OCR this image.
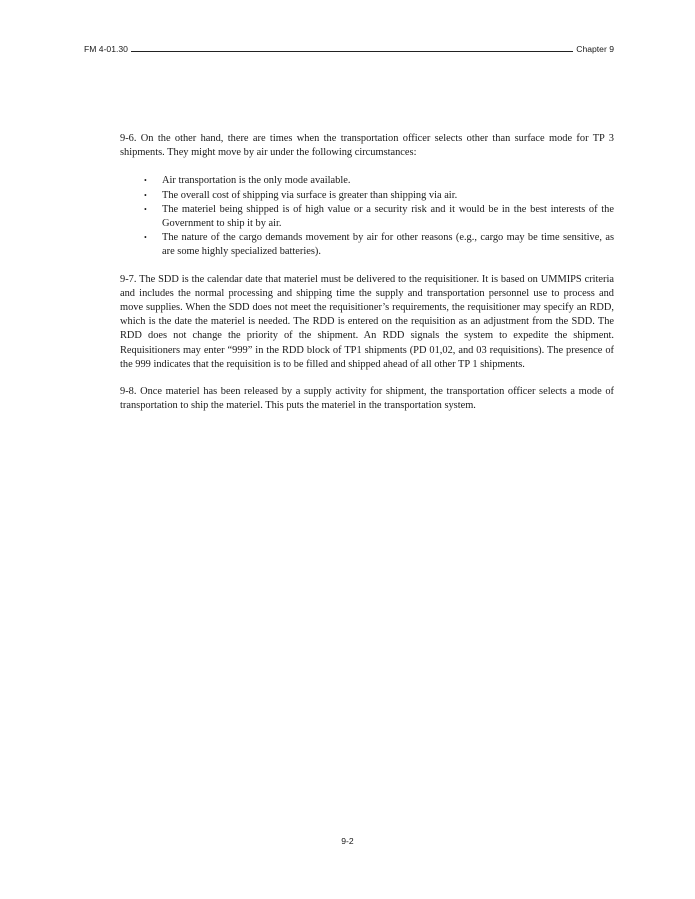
FM 4-01.30	Chapter 9

9-6. On the other hand, there are times when the transportation officer selects other than surface mode for TP 3 shipments. They might move by air under the following circumstances:

• Air transportation is the only mode available.
• The overall cost of shipping via surface is greater than shipping via air.
• The materiel being shipped is of high value or a security risk and it would be in the best interests of the Government to ship it by air.
• The nature of the cargo demands movement by air for other reasons (e.g., cargo may be time sensitive, as are some highly specialized batteries).

9-7. The SDD is the calendar date that materiel must be delivered to the requisitioner. It is based on UMMIPS criteria and includes the normal processing and shipping time the supply and transportation personnel use to process and move supplies. When the SDD does not meet the requisitioner’s requirements, the requisitioner may specify an RDD, which is the date the materiel is needed. The RDD is entered on the requisition as an adjustment from the SDD. The RDD does not change the priority of the shipment. An RDD signals the system to expedite the shipment. Requisitioners may enter “999” in the RDD block of TP1 shipments (PD 01,02, and 03 requisitions). The presence of the 999 indicates that the requisition is to be filled and shipped ahead of all other TP 1 shipments.

9-8. Once materiel has been released by a supply activity for shipment, the transportation officer selects a mode of transportation to ship the materiel. This puts the materiel in the transportation system.

9-2
